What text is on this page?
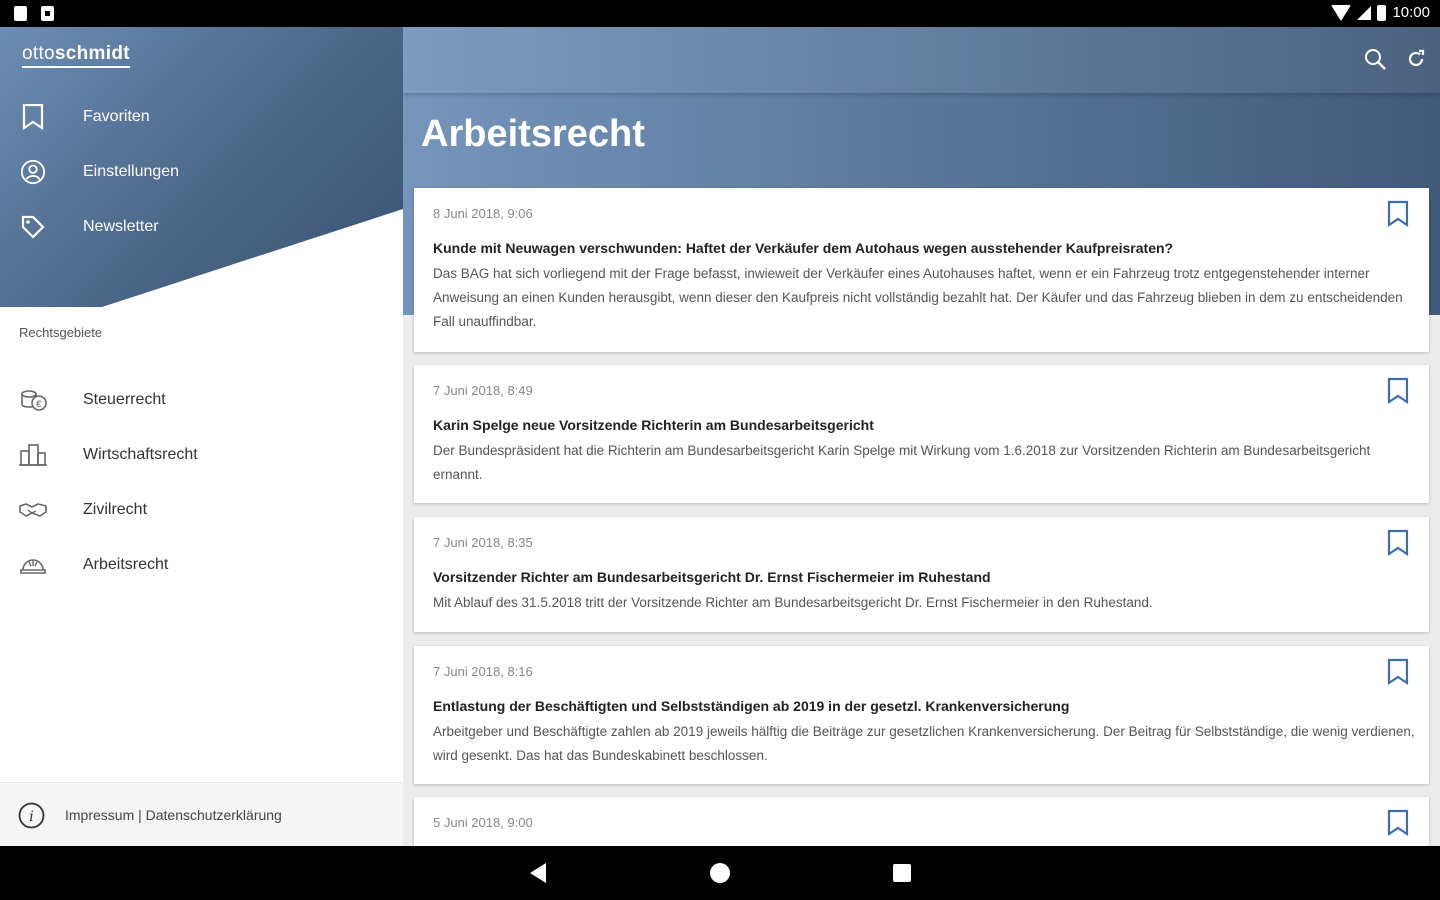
10:00
ottoschmidt
Favoriten
Einstellungen
Newsletter
Rechtsgebiete
€	Steuerrecht
Wirtschaftsrecht
Zivilrecht
Arbeitsrecht
i Impressum | Datenschutzerklärung
Arbeitsrecht
8 Juni 2018, 9:06
Kunde mit Neuwagen verschwunden: Haftet der Verkäufer dem Autohaus wegen ausstehender Kaufpreisraten?
Das BAG hat sich vorliegend mit der Frage befasst, inwieweit der Verkäufer eines Autohauses haftet, wenn er ein Fahrzeug trotz entgegenstehender interner Anweisung an einen Kunden herausgibt, wenn dieser den Kaufpreis nicht vollständig bezahlt hat. Der Käufer und das Fahrzeug blieben in dem zu entscheidenden Fall unauffindbar.
7 Juni 2018, 8:49
Karin Spelge neue Vorsitzende Richterin am Bundesarbeitsgericht
Der Bundespräsident hat die Richterin am Bundesarbeitsgericht Karin Spelge mit Wirkung vom 1.6.2018 zur Vorsitzenden Richterin am Bundesarbeitsgericht ernannt.
7 Juni 2018, 8:35
Vorsitzender Richter am Bundesarbeitsgericht Dr. Ernst Fischermeier im Ruhestand
Mit Ablauf des 31.5.2018 tritt der Vorsitzende Richter am Bundesarbeitsgericht Dr. Ernst Fischermeier in den Ruhestand.
7 Juni 2018, 8:16
Entlastung der Beschäftigten und Selbstständigen ab 2019 in der gesetzl. Krankenversicherung
Arbeitgeber und Beschäftigte zahlen ab 2019 jeweils hälftig die Beiträge zur gesetzlichen Krankenversicherung. Der Beitrag für Selbstständige, die wenig verdienen, wird gesenkt. Das hat das Bundeskabinett beschlossen.
5 Juni 2018, 9:00
